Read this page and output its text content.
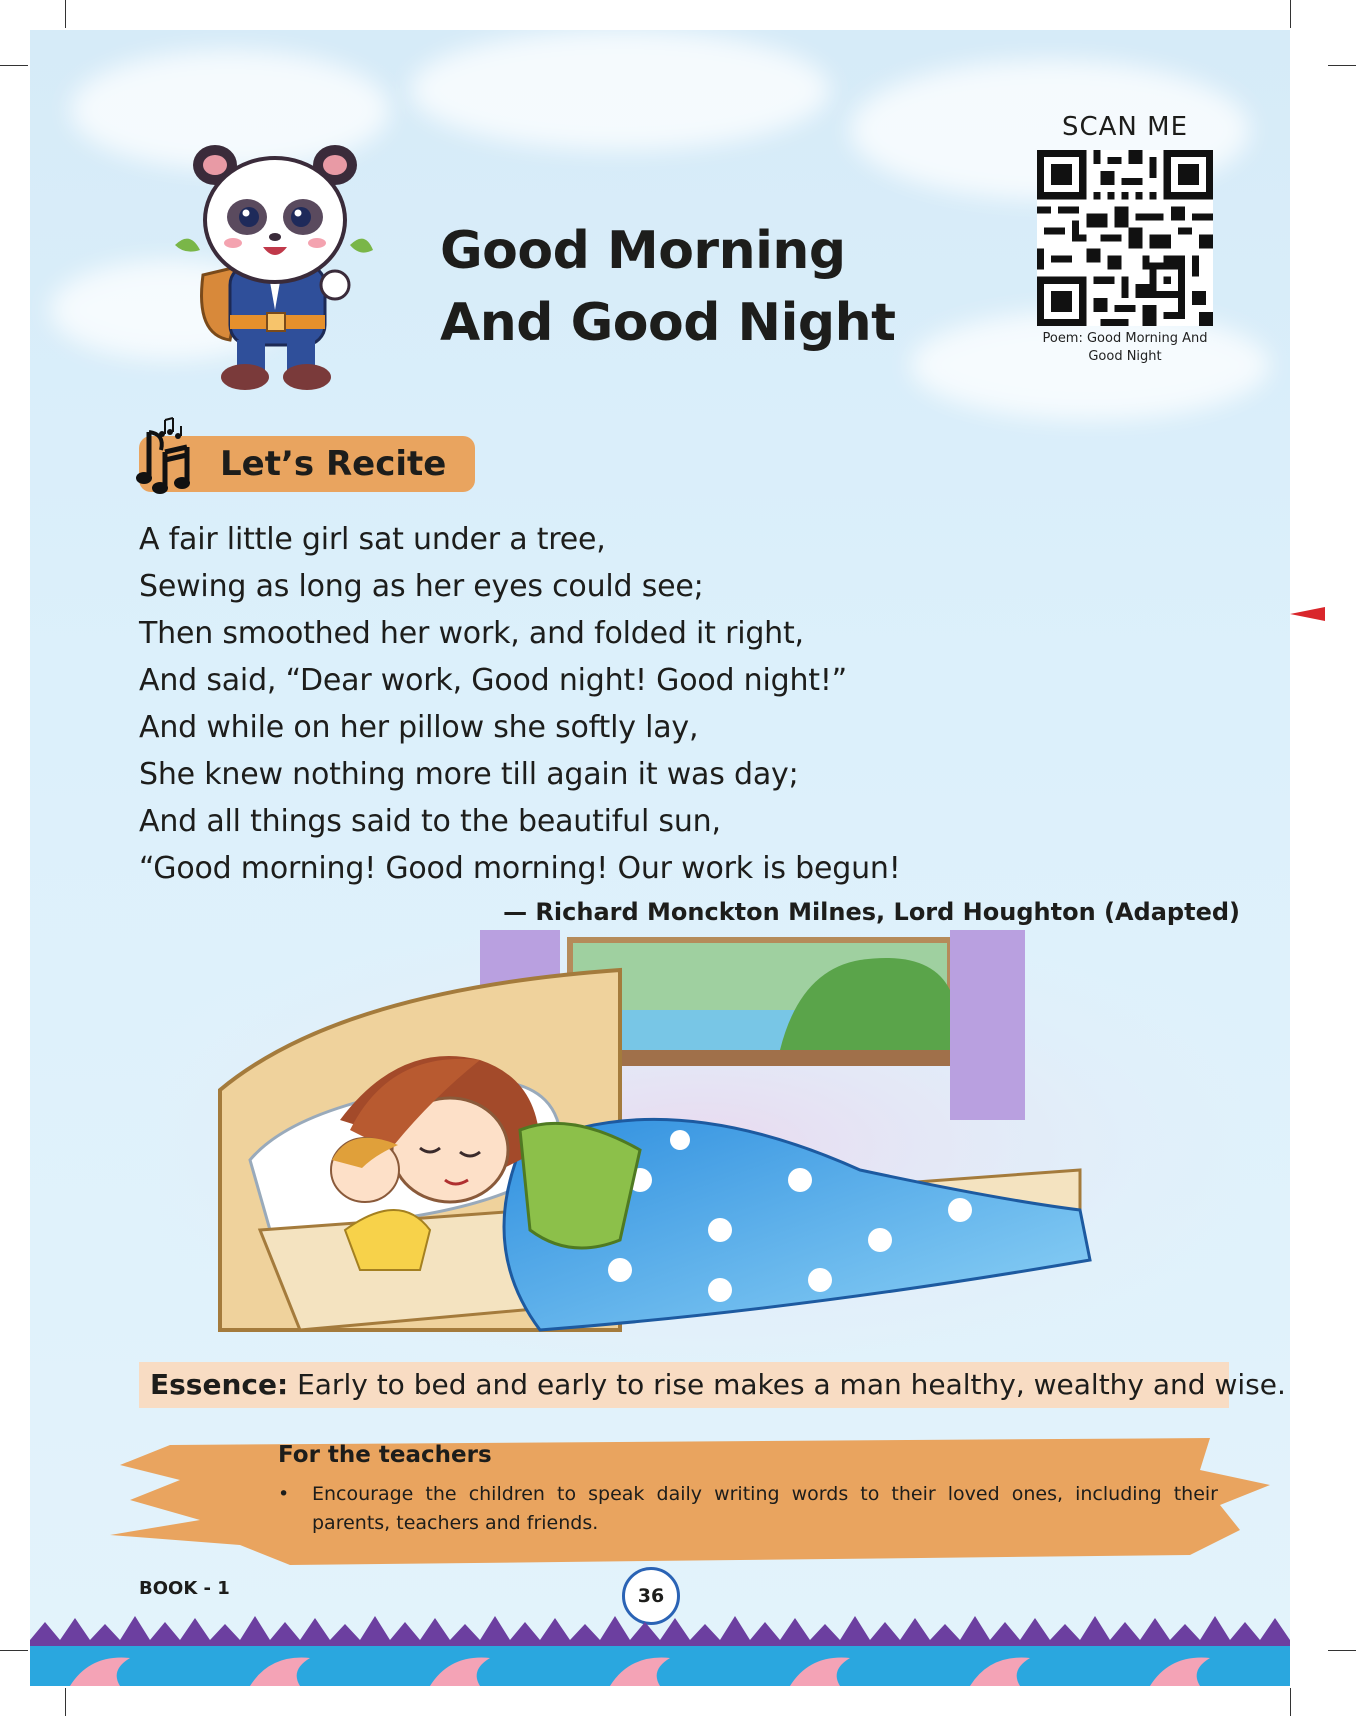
Good Morning
And Good Night
SCAN ME
Poem: Good Morning And Good Night
Let’s Recite
A fair little girl sat under a tree,
Sewing as long as her eyes could see;
Then smoothed her work, and folded it right,
And said, “Dear work, Good night! Good night!”
And while on her pillow she softly lay,
She knew nothing more till again it was day;
And all things said to the beautiful sun,
“Good morning! Good morning! Our work is begun!
— Richard Monckton Milnes, Lord Houghton (Adapted)
Essence: Early to bed and early to rise makes a man healthy, wealthy and wise.
For the teachers
•	Encourage the children to speak daily writing words to their loved ones, including their parents, teachers and friends.
BOOK - 1	36
